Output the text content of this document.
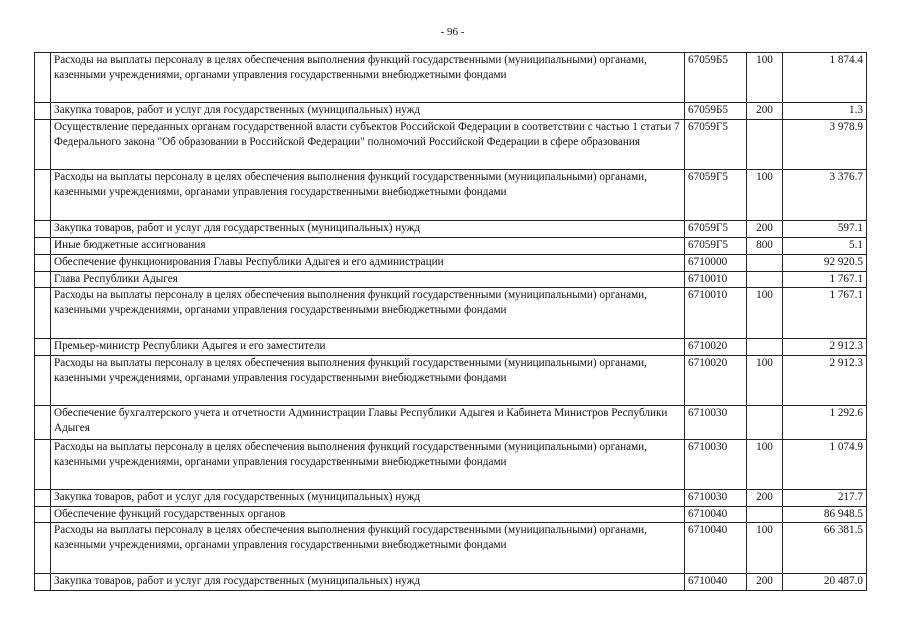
- 96 -
	Расходы на выплаты персоналу в целях обеспечения выполнения функций государственными (муниципальными) органами, казенными учреждениями, органами управления государственными внебюджетными фондами	67059Б5	100	1 874.4
	Закупка товаров, работ и услуг для государственных (муниципальных) нужд	67059Б5	200	1.3
	Осуществление переданных органам государственной власти субъектов Российской Федерации в соответствии с частью 1 статьи 7 Федерального закона "Об образовании в Российской Федерации" полномочий Российской Федерации в сфере образования	67059Г5		3 978.9
	Расходы на выплаты персоналу в целях обеспечения выполнения функций государственными (муниципальными) органами, казенными учреждениями, органами управления государственными внебюджетными фондами	67059Г5	100	3 376.7
	Закупка товаров, работ и услуг для государственных (муниципальных) нужд	67059Г5	200	597.1
	Иные бюджетные ассигнования	67059Г5	800	5.1
	Обеспечение функционирования Главы Республики Адыгея и его администрации	6710000		92 920.5
	Глава Республики Адыгея	6710010		1 767.1
	Расходы на выплаты персоналу в целях обеспечения выполнения функций государственными (муниципальными) органами, казенными учреждениями, органами управления государственными внебюджетными фондами	6710010	100	1 767.1
	Премьер-министр Республики Адыгея и его заместители	6710020		2 912.3
	Расходы на выплаты персоналу в целях обеспечения выполнения функций государственными (муниципальными) органами, казенными учреждениями, органами управления государственными внебюджетными фондами	6710020	100	2 912.3
	Обеспечение бухгалтерского учета и отчетности Администрации Главы Республики Адыгея и Кабинета Министров Республики Адыгея	6710030		1 292.6
	Расходы на выплаты персоналу в целях обеспечения выполнения функций государственными (муниципальными) органами, казенными учреждениями, органами управления государственными внебюджетными фондами	6710030	100	1 074.9
	Закупка товаров, работ и услуг для государственных (муниципальных) нужд	6710030	200	217.7
	Обеспечение функций государственных органов	6710040		86 948.5
	Расходы на выплаты персоналу в целях обеспечения выполнения функций государственными (муниципальными) органами, казенными учреждениями, органами управления государственными внебюджетными фондами	6710040	100	66 381.5
	Закупка товаров, работ и услуг для государственных (муниципальных) нужд	6710040	200	20 487.0
